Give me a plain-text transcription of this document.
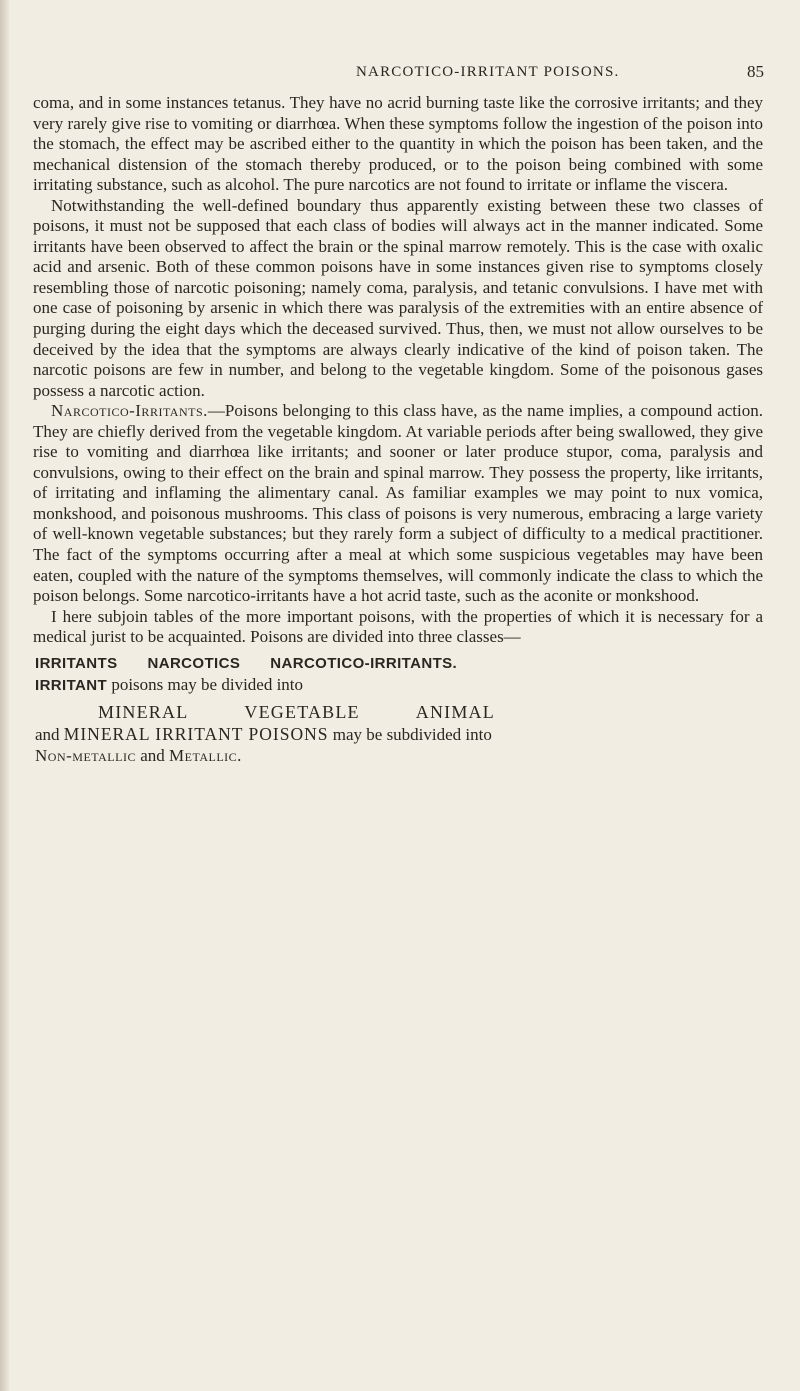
NARCOTICO-IRRITANT POISONS.	85

coma, and in some instances tetanus. They have no acrid burning taste like the corrosive irritants; and they very rarely give rise to vomiting or diarrhœa. When these symptoms follow the ingestion of the poison into the stomach, the effect may be ascribed either to the quantity in which the poison has been taken, and the mechanical distension of the stomach thereby produced, or to the poison being combined with some irritating substance, such as alcohol. The pure narcotics are not found to irritate or inflame the viscera.

Notwithstanding the well-defined boundary thus apparently existing between these two classes of poisons, it must not be supposed that each class of bodies will always act in the manner indicated. Some irritants have been observed to affect the brain or the spinal marrow remotely. This is the case with oxalic acid and arsenic. Both of these common poisons have in some instances given rise to symptoms closely resembling those of narcotic poisoning; namely coma, paralysis, and tetanic convulsions. I have met with one case of poisoning by arsenic in which there was paralysis of the extremities with an entire absence of purging during the eight days which the deceased survived. Thus, then, we must not allow ourselves to be deceived by the idea that the symptoms are always clearly indicative of the kind of poison taken. The narcotic poisons are few in number, and belong to the vegetable kingdom. Some of the poisonous gases possess a narcotic action.

Narcotico-Irritants.—Poisons belonging to this class have, as the name implies, a compound action. They are chiefly derived from the vegetable kingdom. At variable periods after being swallowed, they give rise to vomiting and diarrhœa like irritants; and sooner or later produce stupor, coma, paralysis and convulsions, owing to their effect on the brain and spinal marrow. They possess the property, like irritants, of irritating and inflaming the alimentary canal. As familiar examples we may point to nux vomica, monkshood, and poisonous mushrooms. This class of poisons is very numerous, embracing a large variety of well-known vegetable substances; but they rarely form a subject of difficulty to a medical practitioner. The fact of the symptoms occurring after a meal at which some suspicious vegetables may have been eaten, coupled with the nature of the symptoms themselves, will commonly indicate the class to which the poison belongs. Some narcotico-irritants have a hot acrid taste, such as the aconite or monkshood.

I here subjoin tables of the more important poisons, with the properties of which it is necessary for a medical jurist to be acquainted. Poisons are divided into three classes—

IRRITANTS NARCOTICS NARCOTICO-IRRITANTS.

IRRITANT poisons may be divided into

MINERAL	VEGETABLE	ANIMAL

and MINERAL IRRITANT POISONS may be subdivided into

Non-metallic and Metallic.
